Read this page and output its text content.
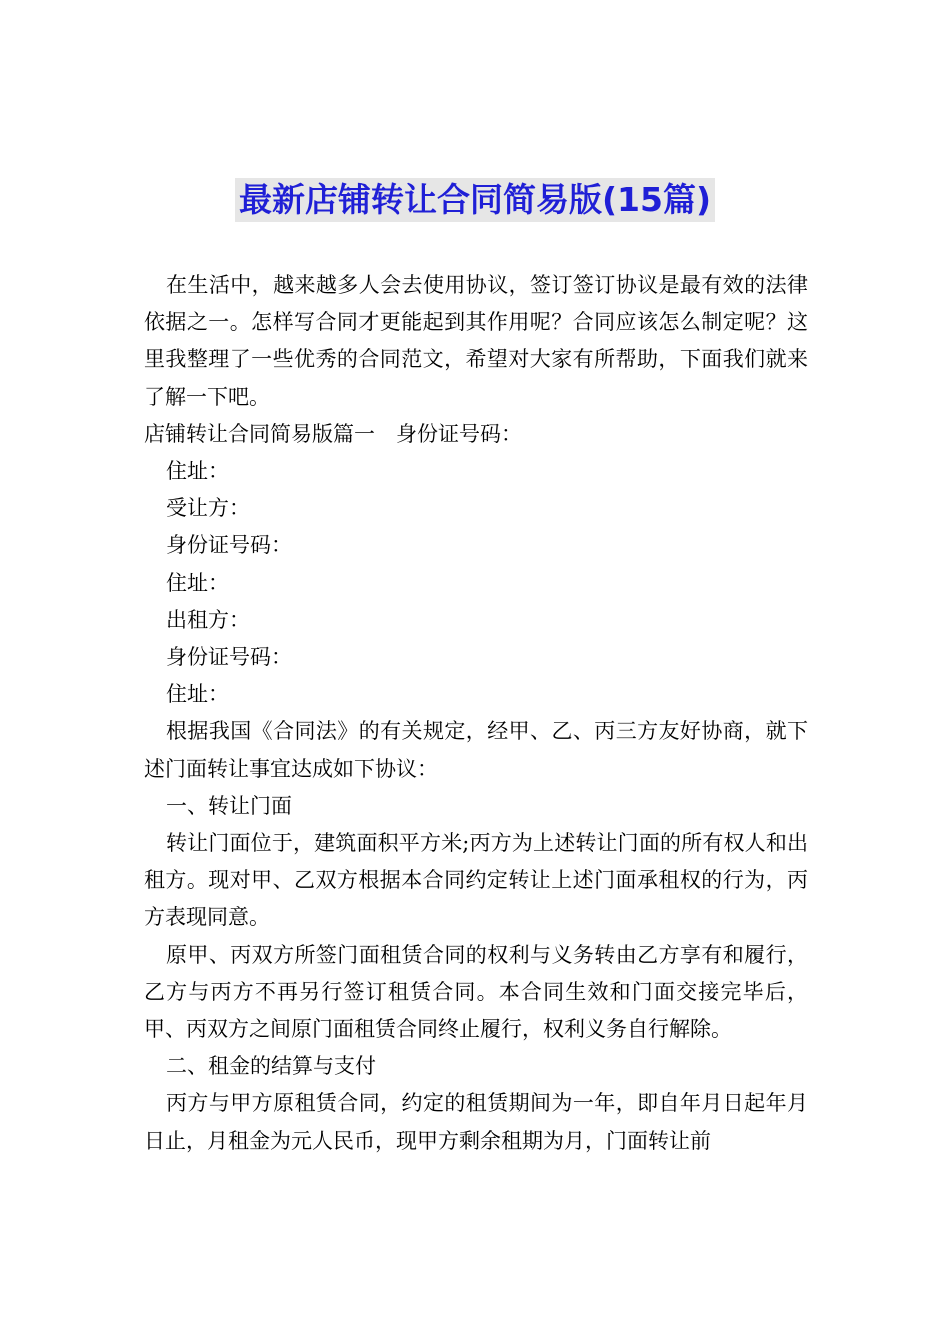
最新店铺转让合同简易版(15篇)

在生活中，越来越多人会去使用协议，签订签订协议是最有效的法律依据之一。怎样写合同才更能起到其作用呢？合同应该怎么制定呢？这里我整理了一些优秀的合同范文，希望对大家有所帮助，下面我们就来了解一下吧。

店铺转让合同简易版篇一　身份证号码：

住址：

受让方：

身份证号码：

住址：

出租方：

身份证号码：

住址：

根据我国《合同法》的有关规定，经甲、乙、丙三方友好协商，就下述门面转让事宜达成如下协议：

一、转让门面

转让门面位于，建筑面积平方米;丙方为上述转让门面的所有权人和出租方。现对甲、乙双方根据本合同约定转让上述门面承租权的行为，丙方表现同意。

原甲、丙双方所签门面租赁合同的权利与义务转由乙方享有和履行，乙方与丙方不再另行签订租赁合同。本合同生效和门面交接完毕后，甲、丙双方之间原门面租赁合同终止履行，权利义务自行解除。

二、租金的结算与支付

丙方与甲方原租赁合同，约定的租赁期间为一年，即自年月日起年月日止，月租金为元人民币，现甲方剩余租期为月，门面转让前
